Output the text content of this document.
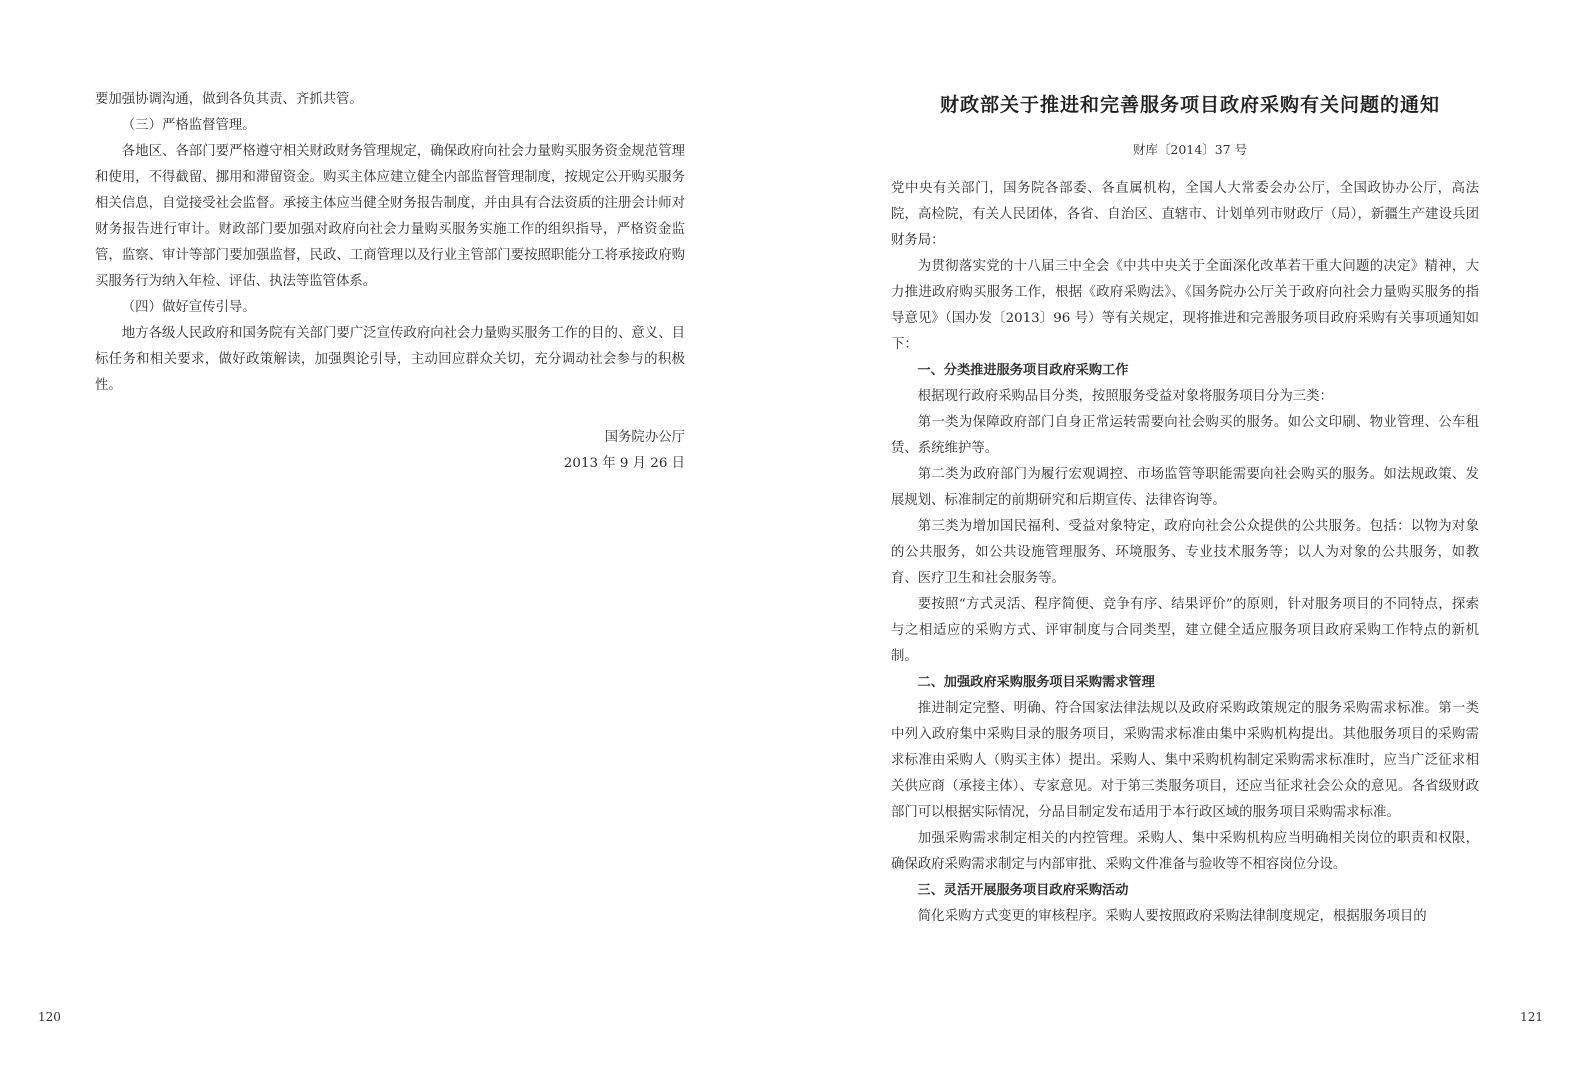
要加强协调沟通，做到各负其责、齐抓共管。

（三）严格监督管理。

各地区、各部门要严格遵守相关财政财务管理规定，确保政府向社会力量购买服务资金规范管理和使用，不得截留、挪用和滞留资金。购买主体应建立健全内部监督管理制度，按规定公开购买服务相关信息，自觉接受社会监督。承接主体应当健全财务报告制度，并由具有合法资质的注册会计师对财务报告进行审计。财政部门要加强对政府向社会力量购买服务实施工作的组织指导，严格资金监管，监察、审计等部门要加强监督，民政、工商管理以及行业主管部门要按照职能分工将承接政府购买服务行为纳入年检、评估、执法等监管体系。

（四）做好宣传引导。

地方各级人民政府和国务院有关部门要广泛宣传政府向社会力量购买服务工作的目的、意义、目标任务和相关要求，做好政策解读，加强舆论引导，主动回应群众关切，充分调动社会参与的积极性。

国务院办公厅

2013 年 9 月 26 日

120
财政部关于推进和完善服务项目政府采购有关问题的通知

财库〔2014〕37 号

党中央有关部门，国务院各部委、各直属机构，全国人大常委会办公厅，全国政协办公厅，高法院，高检院，有关人民团体，各省、自治区、直辖市、计划单列市财政厅（局），新疆生产建设兵团财务局：

为贯彻落实党的十八届三中全会《中共中央关于全面深化改革若干重大问题的决定》精神，大力推进政府购买服务工作，根据《政府采购法》、《国务院办公厅关于政府向社会力量购买服务的指导意见》（国办发〔2013〕96 号）等有关规定，现将推进和完善服务项目政府采购有关事项通知如下：

一、分类推进服务项目政府采购工作

根据现行政府采购品目分类，按照服务受益对象将服务项目分为三类：

第一类为保障政府部门自身正常运转需要向社会购买的服务。如公文印刷、物业管理、公车租赁、系统维护等。

第二类为政府部门为履行宏观调控、市场监管等职能需要向社会购买的服务。如法规政策、发展规划、标准制定的前期研究和后期宣传、法律咨询等。

第三类为增加国民福利、受益对象特定，政府向社会公众提供的公共服务。包括：以物为对象的公共服务，如公共设施管理服务、环境服务、专业技术服务等；以人为对象的公共服务，如教育、医疗卫生和社会服务等。

要按照“方式灵活、程序简便、竞争有序、结果评价”的原则，针对服务项目的不同特点，探索与之相适应的采购方式、评审制度与合同类型，建立健全适应服务项目政府采购工作特点的新机制。

二、加强政府采购服务项目采购需求管理

推进制定完整、明确、符合国家法律法规以及政府采购政策规定的服务采购需求标准。第一类中列入政府集中采购目录的服务项目，采购需求标准由集中采购机构提出。其他服务项目的采购需求标准由采购人（购买主体）提出。采购人、集中采购机构制定采购需求标准时，应当广泛征求相关供应商（承接主体）、专家意见。对于第三类服务项目，还应当征求社会公众的意见。各省级财政部门可以根据实际情况，分品目制定发布适用于本行政区域的服务项目采购需求标准。

加强采购需求制定相关的内控管理。采购人、集中采购机构应当明确相关岗位的职责和权限，确保政府采购需求制定与内部审批、采购文件准备与验收等不相容岗位分设。

三、灵活开展服务项目政府采购活动

简化采购方式变更的审核程序。采购人要按照政府采购法律制度规定，根据服务项目的

121
